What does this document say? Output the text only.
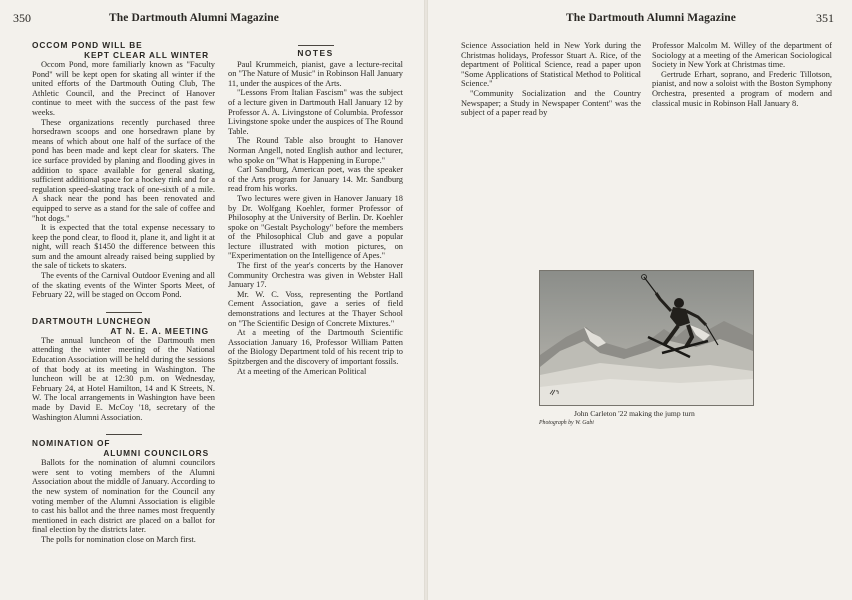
350	The Dartmouth Alumni Magazine
OCCOM POND WILL BE
KEPT CLEAR ALL WINTER

Occom Pond, more familiarly known as "Faculty Pond" will be kept open for skating all winter if the united efforts of the Dartmouth Outing Club, The Athletic Council, and the Precinct of Hanover continue to meet with the success of the past few weeks.

These organizations recently purchased three horsedrawn scoops and one horsedrawn plane by means of which about one half of the surface of the pond has been made and kept clear for skaters. The ice surface provided by planing and flooding gives in addition to space available for general skating, sufficient additional space for a hockey rink and for a regulation speed-skating track of one-sixth of a mile. A shack near the pond has been renovated and equipped to serve as a stand for the sale of coffee and "hot dogs."

It is expected that the total expense necessary to keep the pond clear, to flood it, plane it, and light it at night, will reach $1450 the difference between this sum and the amount already raised being supplied by the sale of tickets to skaters.

The events of the Carnival Outdoor Evening and all of the skating events of the Winter Sports Meet, of February 22, will be staged on Occom Pond.

DARTMOUTH LUNCHEON
AT N. E. A. MEETING

The annual luncheon of the Dartmouth men attending the winter meeting of the National Education Association will be held during the sessions of that body at its meeting in Washington. The luncheon will be at 12:30 p.m. on Wednesday, February 24, at Hotel Hamilton, 14 and K Streets, N. W. The local arrangements in Washington have been made by David E. McCoy '18, secretary of the Washington Alumni Association.

NOMINATION OF
ALUMNI COUNCILORS

Ballots for the nomination of alumni councilors were sent to voting members of the Alumni Association about the middle of January. According to the new system of nomination for the Council any voting member of the Alumni Association is eligible to cast his ballot and the three names most frequently mentioned in each district are placed on a ballot for final election by the districts later.

The polls for nomination close on March first.

NOTES

Paul Krummeich, pianist, gave a lecture-recital on "The Nature of Music" in Robinson Hall January 11, under the auspices of the Arts.

"Lessons From Italian Fascism" was the subject of a lecture given in Dartmouth Hall January 12 by Professor A. A. Livingstone of Columbia. Professor Livingstone spoke under the auspices of The Round Table.

The Round Table also brought to Hanover Norman Angell, noted English author and lecturer, who spoke on "What is Happening in Europe."

Carl Sandburg, American poet, was the speaker of the Arts program for January 14. Mr. Sandburg read from his works.

Two lectures were given in Hanover January 18 by Dr. Wolfgang Koehler, former Professor of Philosophy at the University of Berlin. Dr. Koehler spoke on "Gestalt Psychology" before the members of the Philosophical Club and gave a popular lecture illustrated with motion pictures, on "Experimentation on the Intelligence of Apes."

The first of the year's concerts by the Hanover Community Orchestra was given in Webster Hall January 17.

Mr. W. C. Voss, representing the Portland Cement Association, gave a series of field demonstrations and lectures at the Thayer School on "The Scientific Design of Concrete Mixtures."

At a meeting of the Dartmouth Scientific Association January 16, Professor William Patten of the Biology Department told of his recent trip to Spitzbergen and the discovery of important fossils.

At a meeting of the American Political

The Dartmouth Alumni Magazine	351

Science Association held in New York during the Christmas holidays, Professor Stuart A. Rice, of the department of Political Science, read a paper upon "Some Applications of Statistical Method to Political Science."

"Community Socialization and the Country Newspaper; a Study in Newspaper Content" was the subject of a paper read by

Professor Malcolm M. Willey of the department of Sociology at a meeting of the American Sociological Society in New York at Christmas time.

Gertrude Erhart, soprano, and Frederic Tillotson, pianist, and now a soloist with the Boston Symphony Orchestra, presented a program of modern and classical music in Robinson Hall January 8.

John Carleton '22 making the jump turn
Photograph by W. Gabi
